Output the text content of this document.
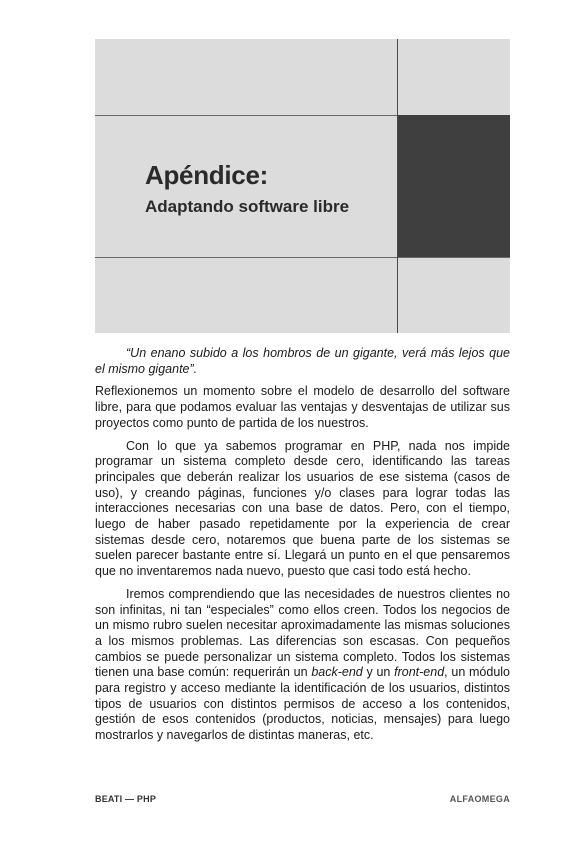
Apéndice:
Adaptando software libre

“Un enano subido a los hombros de un gigante, verá más lejos que el mismo gigante”.

Reflexionemos un momento sobre el modelo de desarrollo del software libre, para que podamos evaluar las ventajas y desventajas de utilizar sus proyectos como punto de partida de los nuestros.

Con lo que ya sabemos programar en PHP, nada nos impide programar un sistema completo desde cero, identificando las tareas principales que deberán realizar los usuarios de ese sistema (casos de uso), y creando páginas, funciones y/o clases para lograr todas las interacciones necesarias con una base de datos. Pero, con el tiempo, luego de haber pasado repetidamente por la experiencia de crear sistemas desde cero, notaremos que buena parte de los sistemas se suelen parecer bastante entre sí. Llegará un punto en el que pensaremos que no inventaremos nada nuevo, puesto que casi todo está hecho.

Iremos comprendiendo que las necesidades de nuestros clientes no son infinitas, ni tan “especiales” como ellos creen. Todos los negocios de un mismo rubro suelen necesitar aproximadamente las mismas soluciones a los mismos problemas. Las diferencias son escasas. Con pequeños cambios se puede personalizar un sistema completo. Todos los sistemas tienen una base común: requerirán un back-end y un front-end, un módulo para registro y acceso mediante la identificación de los usuarios, distintos tipos de usuarios con distintos permisos de acceso a los contenidos, gestión de esos contenidos (productos, noticias, mensajes) para luego mostrarlos y navegarlos de distintas maneras, etc.

BEATI — PHP	ALFAOMEGA
